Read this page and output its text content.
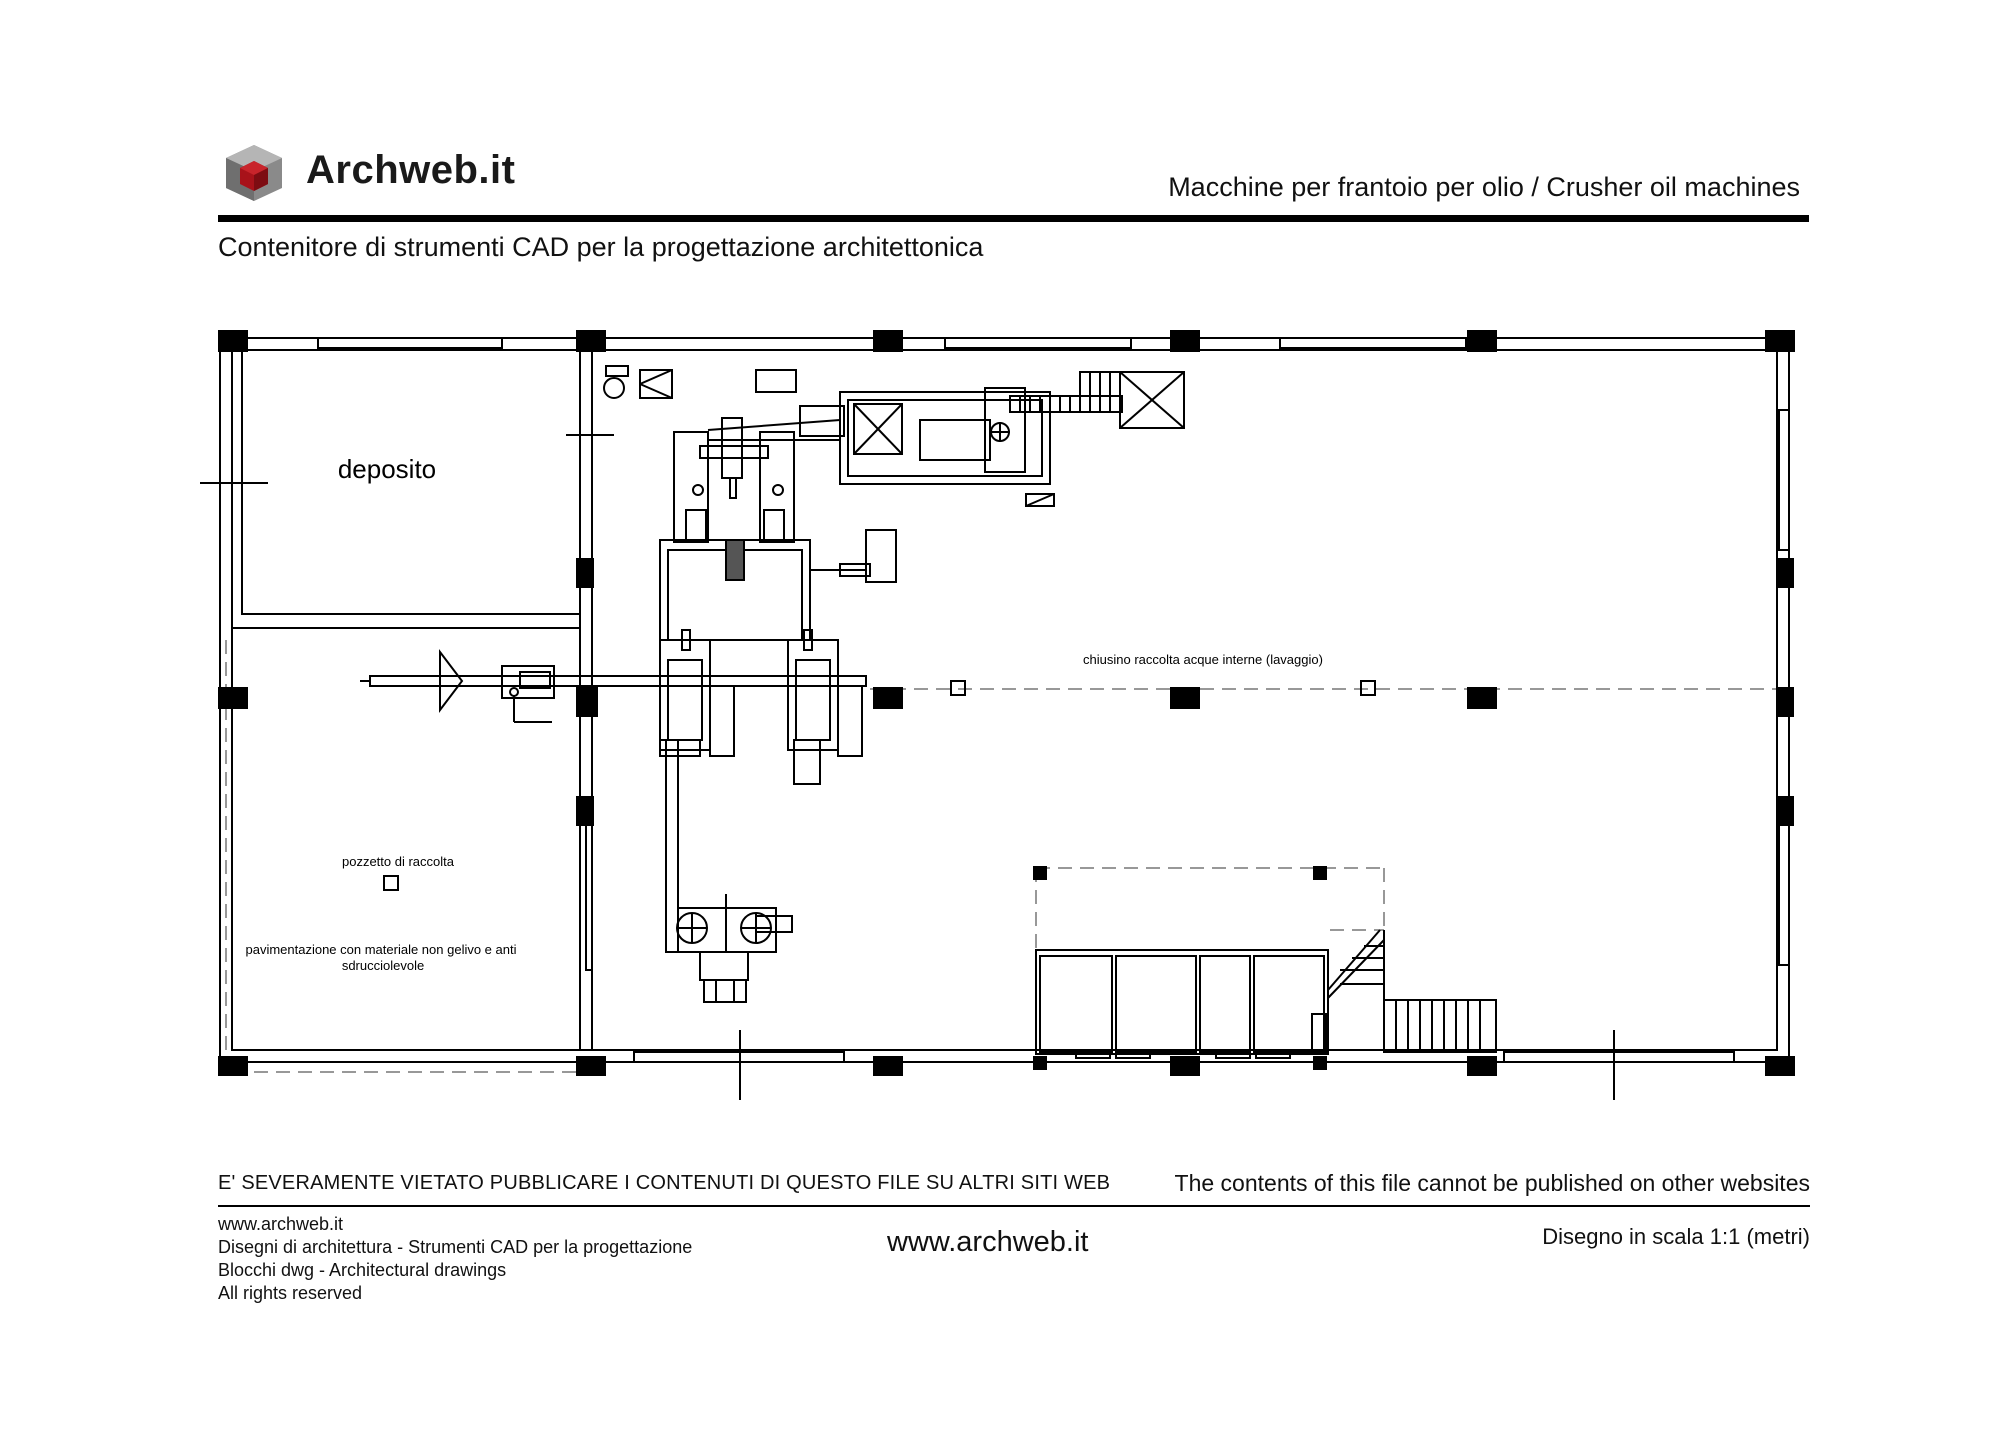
Archweb.it	Macchine per frantoio per olio / Crusher oil machines
Contenitore di strumenti CAD per la progettazione architettonica
deposito
chiusino raccolta acque interne (lavaggio)
pozzetto di raccolta
pavimentazione con materiale non gelivo e anti
sdrucciolevole
E' SEVERAMENTE VIETATO PUBBLICARE I CONTENUTI DI QUESTO FILE SU ALTRI SITI WEB	The contents of this file cannot be published on other websites
www.archweb.it
Disegni di architettura - Strumenti CAD per la progettazione
Blocchi dwg - Architectural drawings
All rights reserved
www.archweb.it	Disegno in scala 1:1 (metri)
